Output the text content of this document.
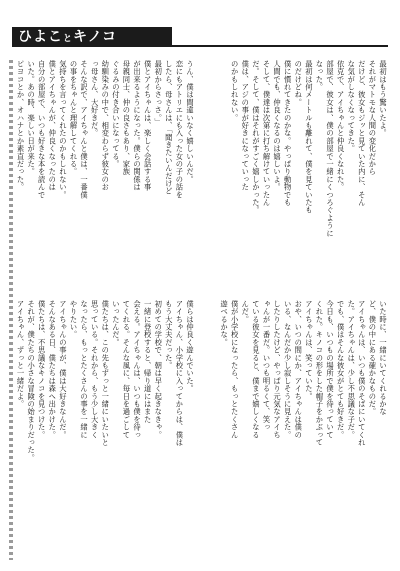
ひよことキノコ
最初はもう驚いたよ。
それがマトモな人間の変化だから
だけど、彼女もジッと見ていた内に、そん
な気がしなくなってきた。
依克で、アイちゃんと仲良くなれた。
部屋で、彼女は、僕の部屋で一緒にくつろぐように
なった。
最初は何メートルも離れて、僕を見ていたも
のだけどね。
僕に慣れてきたのかな。やっぱり動物でも
人間でも、仲良くなるのは嬉しいよ。
そして、僕達は次第に打ち解けていったん
だ。そして、僕はそれがすごく嬉しかった。
僕は、アジの事が好きになっていった
のかもしれない。
いた時に、一緒にいてくれるかな
ど、僕の中にある確かなものだ。
アイちゃんは、いつも僕のそばにいてくれ
た。アイちゃんは、少し不思議な子だ。
でも、僕はそんな彼女がとても好きだ。
今日も、いつもの場所で僕を待っていて
くれた。キノコの形をした帽子をかぶって
アイちゃんは、笑っていた。
おや、いつの間にか、アイちゃんは僕の
いる、なんだか少し寂しそうに見えた。
したりしたけど、やっぱり元気なアイち
ゃんが一番だ。いつも明るくて、笑っ
ている彼女を見ると、僕まで嬉しくなる
んだ。
僕が小学校になったら、もっとたくさん
遊べるかな。
うん、僕は間違いなく嬉しいんだ。
恋にもアトリエにも入った女の子の話を
したら、母さんは、「聞きたいんだけど
最初からさっさ。」
僕とアイちゃんは、楽しく会話する事
が出来るようになった。僕らの関係は
母親同士、仲の良さもあり、家族
ぐるみの付き合いになってる。
幼馴染みの中で、相変わらず彼女のお
っ母さん、大好きだ。
そんな訳で、アイちゃんと僕は、一番僕
の事をちゃんと理解してくれる。
気持ちを言ってくれたのかもしれない。
僕とアイちゃんが、仲良くなったのは
自分の部屋で、いつも好きな本を読んで
いた。あの時、楽しい日が来た。
ピヨコとか、オハナとか素直だった。
僕らは仲良く遊んでいた。
アイちゃん、小学校に入ってからは、僕は
もう大丈夫だった。
初めての学校で、朝は早く起きなきゃ。
一緒に登校すると、帰り道にはまた
会える。アイちゃんは、いつも僕を待っ
てくれる。そんな風に、毎日を過ごして
いったんだ。
僕たちは、この先もずっと一緒にいたいと
思っている。それから、もう少し大きく
なったら、もっとたくさんの事を一緒に
やりたい。
アイちゃんの事が、僕は大好きなんだ。
そんなある日、僕たちは森へ出かけた。
僕たちは、不思議なキノコを見つけた。
それが、僕たちの小さな冒険の始まりだった。
アイちゃん、ずっと一緒だよ。
